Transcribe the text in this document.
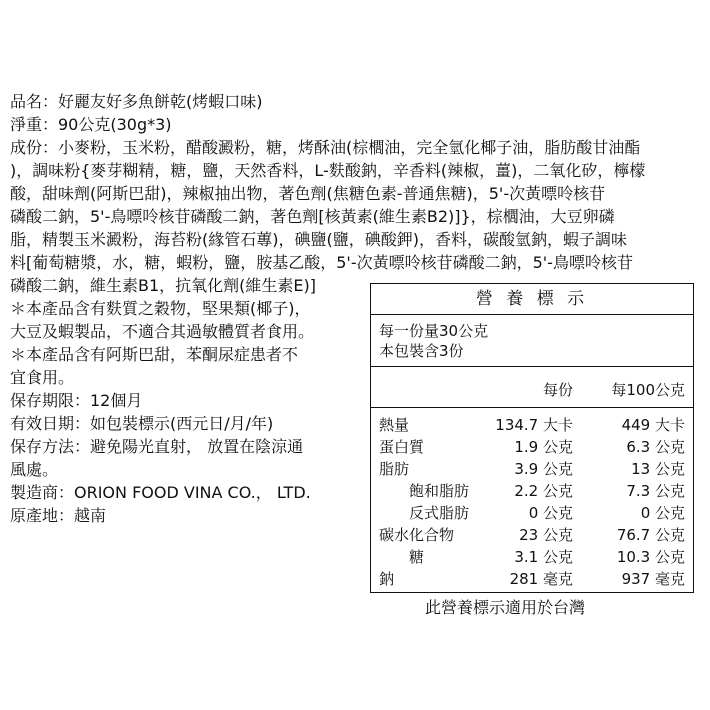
品名：好麗友好多魚餅乾(烤蝦口味)
淨重：90公克(30g*3)
成份：小麥粉，玉米粉，醋酸澱粉，糖，烤酥油(棕櫚油，完全氫化椰子油，脂肪酸甘油酯
)，調味粉{麥芽糊精，糖，鹽，天然香料，L-麩酸鈉，辛香料(辣椒，薑)，二氧化矽，檸檬
酸，甜味劑(阿斯巴甜)，辣椒抽出物，著色劑(焦糖色素-普通焦糖)，5'-次黃嘌呤核苷
磷酸二鈉，5'-鳥嘌呤核苷磷酸二鈉，著色劑[核黃素(維生素B2)]}，棕櫚油，大豆卵磷
脂，精製玉米澱粉，海苔粉(緣管石蓴)，碘鹽(鹽，碘酸鉀)，香料，碳酸氫鈉，蝦子調味
料[葡萄糖漿，水，糖，蝦粉，鹽，胺基乙酸，5'-次黃嘌呤核苷磷酸二鈉，5'-鳥嘌呤核苷
磷酸二鈉，維生素B1，抗氧化劑(維生素E)]
＊本產品含有麩質之穀物，堅果類(椰子)，
大豆及蝦製品，不適合其過敏體質者食用。
＊本產品含有阿斯巴甜，苯酮尿症患者不
宜食用。
保存期限：12個月
有效日期：如包裝標示(西元日/月/年)
保存方法：避免陽光直射， 放置在陰涼通
風處。
製造商：ORION FOOD VINA CO.， LTD.
原產地：越南
營 養 標 示
每一份量30公克
本包裝含3份
每份	每100公克
熱量	134.7 大卡	449 大卡
蛋白質	1.9 公克	6.3 公克
脂肪	3.9 公克	13 公克
飽和脂肪	2.2 公克	7.3 公克
反式脂肪	0 公克	0 公克
碳水化合物	23 公克	76.7 公克
糖	3.1 公克	10.3 公克
鈉	281 毫克	937 毫克
此營養標示適用於台灣
